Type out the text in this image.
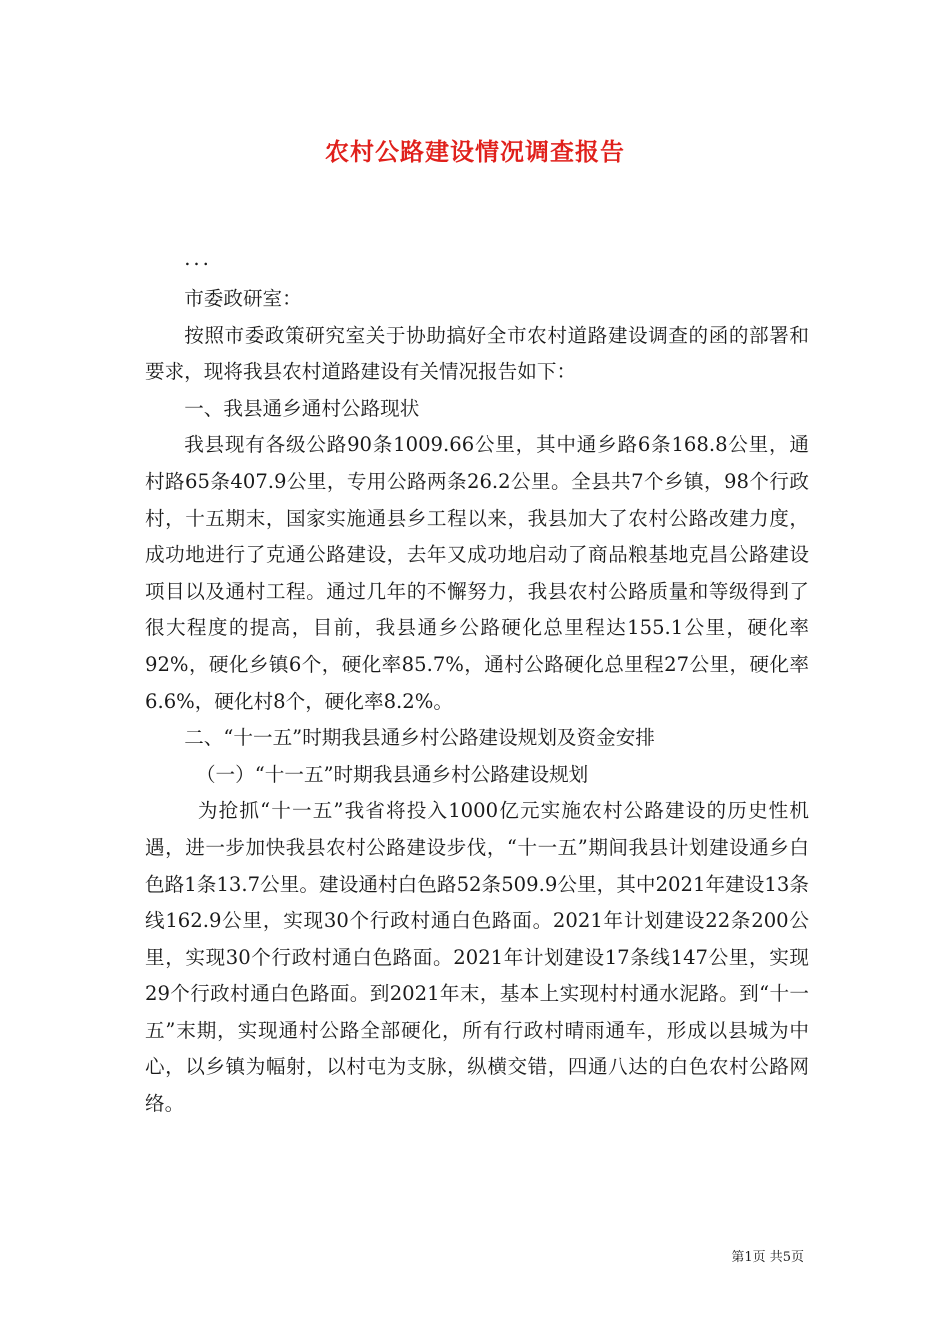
农村公路建设情况调查报告

...

市委政研室：

按照市委政策研究室关于协助搞好全市农村道路建设调查的函的部署和要求，现将我县农村道路建设有关情况报告如下：

一、我县通乡通村公路现状

我县现有各级公路90条1009.66公里，其中通乡路6条168.8公里，通村路65条407.9公里，专用公路两条26.2公里。全县共7个乡镇，98个行政村，十五期末，国家实施通县乡工程以来，我县加大了农村公路改建力度，成功地进行了克通公路建设，去年又成功地启动了商品粮基地克昌公路建设项目以及通村工程。通过几年的不懈努力，我县农村公路质量和等级得到了很大程度的提高，目前，我县通乡公路硬化总里程达155.1公里，硬化率92%，硬化乡镇6个，硬化率85.7%，通村公路硬化总里程27公里，硬化率6.6%，硬化村8个，硬化率8.2%。

二、“十一五”时期我县通乡村公路建设规划及资金安排

（一）“十一五”时期我县通乡村公路建设规划

为抢抓“十一五”我省将投入1000亿元实施农村公路建设的历史性机遇，进一步加快我县农村公路建设步伐，“十一五”期间我县计划建设通乡白色路1条13.7公里。建设通村白色路52条509.9公里，其中2021年建设13条线162.9公里，实现30个行政村通白色路面。2021年计划建设22条200公里，实现30个行政村通白色路面。2021年计划建设17条线147公里，实现29个行政村通白色路面。到2021年末，基本上实现村村通水泥路。到“十一五”末期，实现通村公路全部硬化，所有行政村晴雨通车，形成以县城为中心，以乡镇为幅射，以村屯为支脉，纵横交错，四通八达的白色农村公路网络。

第1页 共5页
